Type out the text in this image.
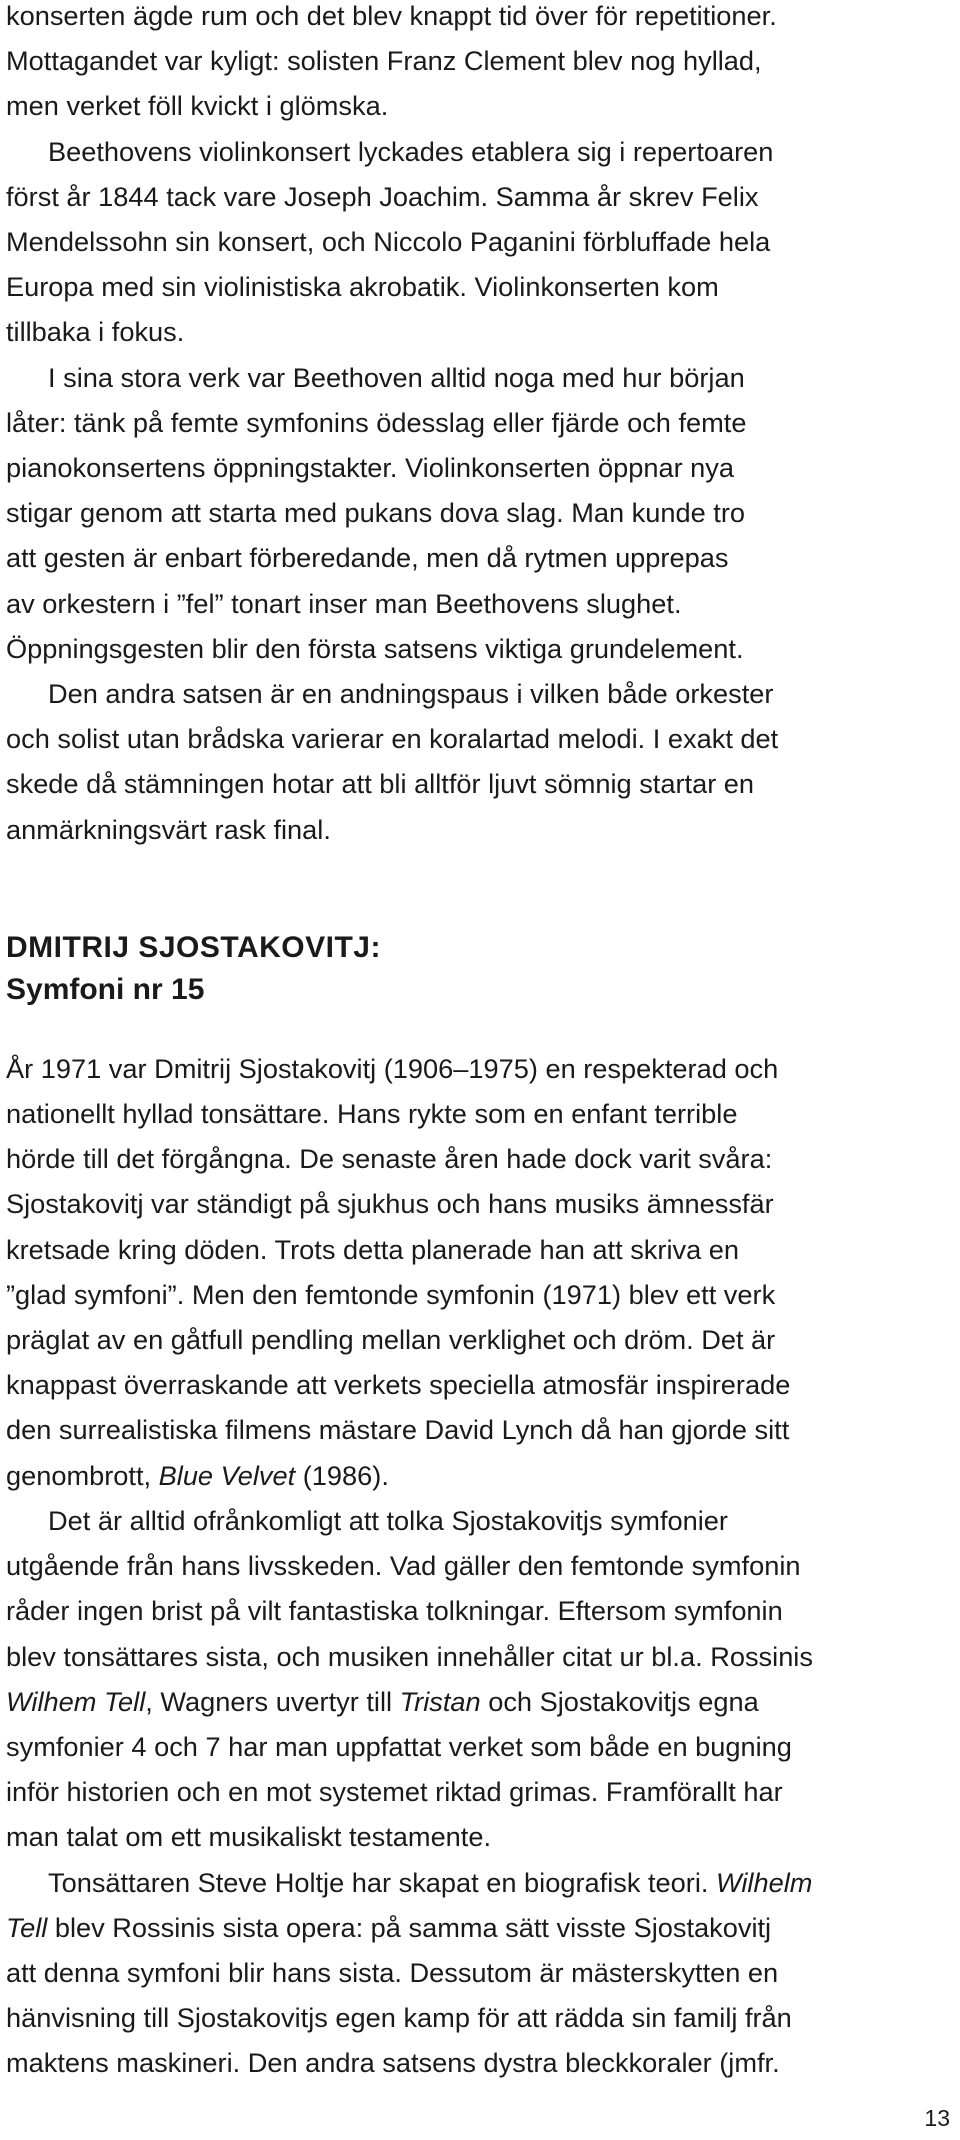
konserten ägde rum och det blev knappt tid över för repetitioner.
Mottagandet var kyligt: solisten Franz Clement blev nog hyllad,
men verket föll kvickt i glömska.

Beethovens violinkonsert lyckades etablera sig i repertoaren
först år 1844 tack vare Joseph Joachim. Samma år skrev Felix
Mendelssohn sin konsert, och Niccolo Paganini förbluffade hela
Europa med sin violinistiska akrobatik. Violinkonserten kom
tillbaka i fokus.

I sina stora verk var Beethoven alltid noga med hur början
låter: tänk på femte symfonins ödesslag eller fjärde och femte
pianokonsertens öppningstakter. Violinkonserten öppnar nya
stigar genom att starta med pukans dova slag. Man kunde tro
att gesten är enbart förberedande, men då rytmen upprepas
av orkestern i ”fel” tonart inser man Beethovens slughet.
Öppningsgesten blir den första satsens viktiga grundelement.

Den andra satsen är en andningspaus i vilken både orkester
och solist utan brådska varierar en koralartad melodi. I exakt det
skede då stämningen hotar att bli alltför ljuvt sömnig startar en
anmärkningsvärt rask final.

DMITRIJ SJOSTAKOVITJ:
Symfoni nr 15

År 1971 var Dmitrij Sjostakovitj (1906–1975) en respekterad och
nationellt hyllad tonsättare. Hans rykte som en enfant terrible
hörde till det förgångna. De senaste åren hade dock varit svåra:
Sjostakovitj var ständigt på sjukhus och hans musiks ämnessfär
kretsade kring döden. Trots detta planerade han att skriva en
”glad symfoni”. Men den femtonde symfonin (1971) blev ett verk
präglat av en gåtfull pendling mellan verklighet och dröm. Det är
knappast överraskande att verkets speciella atmosfär inspirerade
den surrealistiska filmens mästare David Lynch då han gjorde sitt
genombrott, Blue Velvet (1986).

Det är alltid ofrånkomligt att tolka Sjostakovitjs symfonier
utgående från hans livsskeden. Vad gäller den femtonde symfonin
råder ingen brist på vilt fantastiska tolkningar. Eftersom symfonin
blev tonsättares sista, och musiken innehåller citat ur bl.a. Rossinis
Wilhem Tell, Wagners uvertyr till Tristan och Sjostakovitjs egna
symfonier 4 och 7 har man uppfattat verket som både en bugning
inför historien och en mot systemet riktad grimas. Framförallt har
man talat om ett musikaliskt testamente.

Tonsättaren Steve Holtje har skapat en biografisk teori. Wilhelm
Tell blev Rossinis sista opera: på samma sätt visste Sjostakovitj
att denna symfoni blir hans sista. Dessutom är mästerskytten en
hänvisning till Sjostakovitjs egen kamp för att rädda sin familj från
maktens maskineri. Den andra satsens dystra bleckkoraler (jmfr.

13
